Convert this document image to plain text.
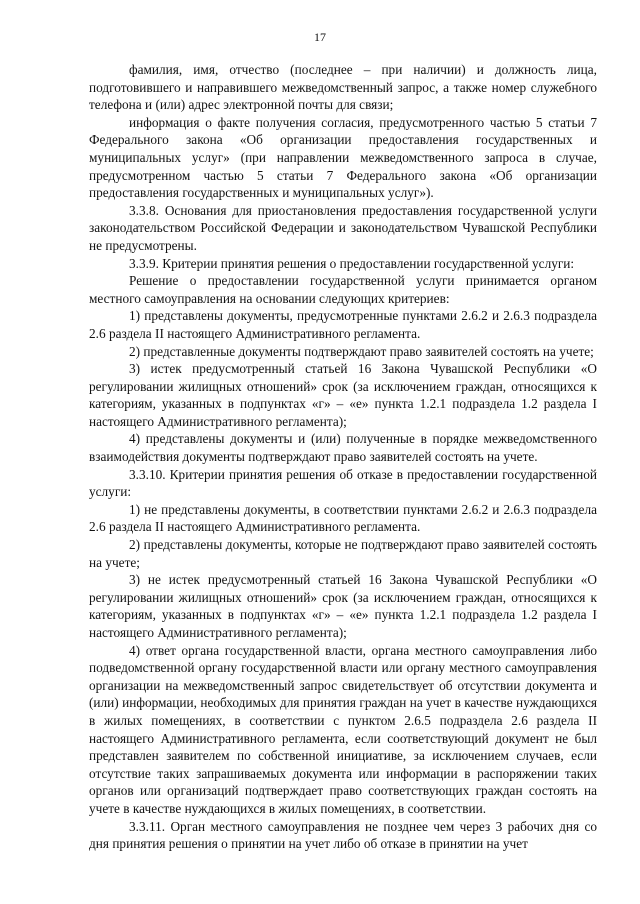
17

фамилия, имя, отчество (последнее – при наличии) и должность лица, подготовившего и направившего межведомственный запрос, а также номер служебного телефона и (или) адрес электронной почты для связи;

информация о факте получения согласия, предусмотренного частью 5 статьи 7 Федерального закона «Об организации предоставления государственных и муниципальных услуг» (при направлении межведомственного запроса в случае, предусмотренном частью 5 статьи 7 Федерального закона «Об организации предоставления государственных и муниципальных услуг»).

3.3.8. Основания для приостановления предоставления государственной услуги законодательством Российской Федерации и законодательством Чувашской Республики не предусмотрены.

3.3.9. Критерии принятия решения о предоставлении государственной услуги:

Решение о предоставлении государственной услуги принимается органом местного самоуправления на основании следующих критериев:

1) представлены документы, предусмотренные пунктами 2.6.2 и 2.6.3 подраздела 2.6 раздела II настоящего Административного регламента.

2) представленные документы подтверждают право заявителей состоять на учете;

3) истек предусмотренный статьей 16 Закона Чувашской Республики «О регулировании жилищных отношений» срок (за исключением граждан, относящихся к категориям, указанных в подпунктах «г» – «е» пункта 1.2.1 подраздела 1.2 раздела I настоящего Административного регламента);

4) представлены документы и (или) полученные в порядке межведомственного взаимодействия документы подтверждают право заявителей состоять на учете.

3.3.10. Критерии принятия решения об отказе в предоставлении государственной услуги:

1) не представлены документы, в соответствии пунктами 2.6.2 и 2.6.3 подраздела 2.6 раздела II настоящего Административного регламента.

2) представлены документы, которые не подтверждают право заявителей состоять на учете;

3) не истек предусмотренный статьей 16 Закона Чувашской Республики «О регулировании жилищных отношений» срок (за исключением граждан, относящихся к категориям, указанных в подпунктах «г» – «е» пункта 1.2.1 подраздела 1.2 раздела I настоящего Административного регламента);

4) ответ органа государственной власти, органа местного самоуправления либо подведомственной органу государственной власти или органу местного самоуправления организации на межведомственный запрос свидетельствует об отсутствии документа и (или) информации, необходимых для принятия граждан на учет в качестве нуждающихся в жилых помещениях, в соответствии с пунктом 2.6.5 подраздела 2.6 раздела II настоящего Административного регламента, если соответствующий документ не был представлен заявителем по собственной инициативе, за исключением случаев, если отсутствие таких запрашиваемых документа или информации в распоряжении таких органов или организаций подтверждает право соответствующих граждан состоять на учете в качестве нуждающихся в жилых помещениях, в соответствии.

3.3.11. Орган местного самоуправления не позднее чем через 3 рабочих дня со дня принятия решения о принятии на учет либо об отказе в принятии на учет
